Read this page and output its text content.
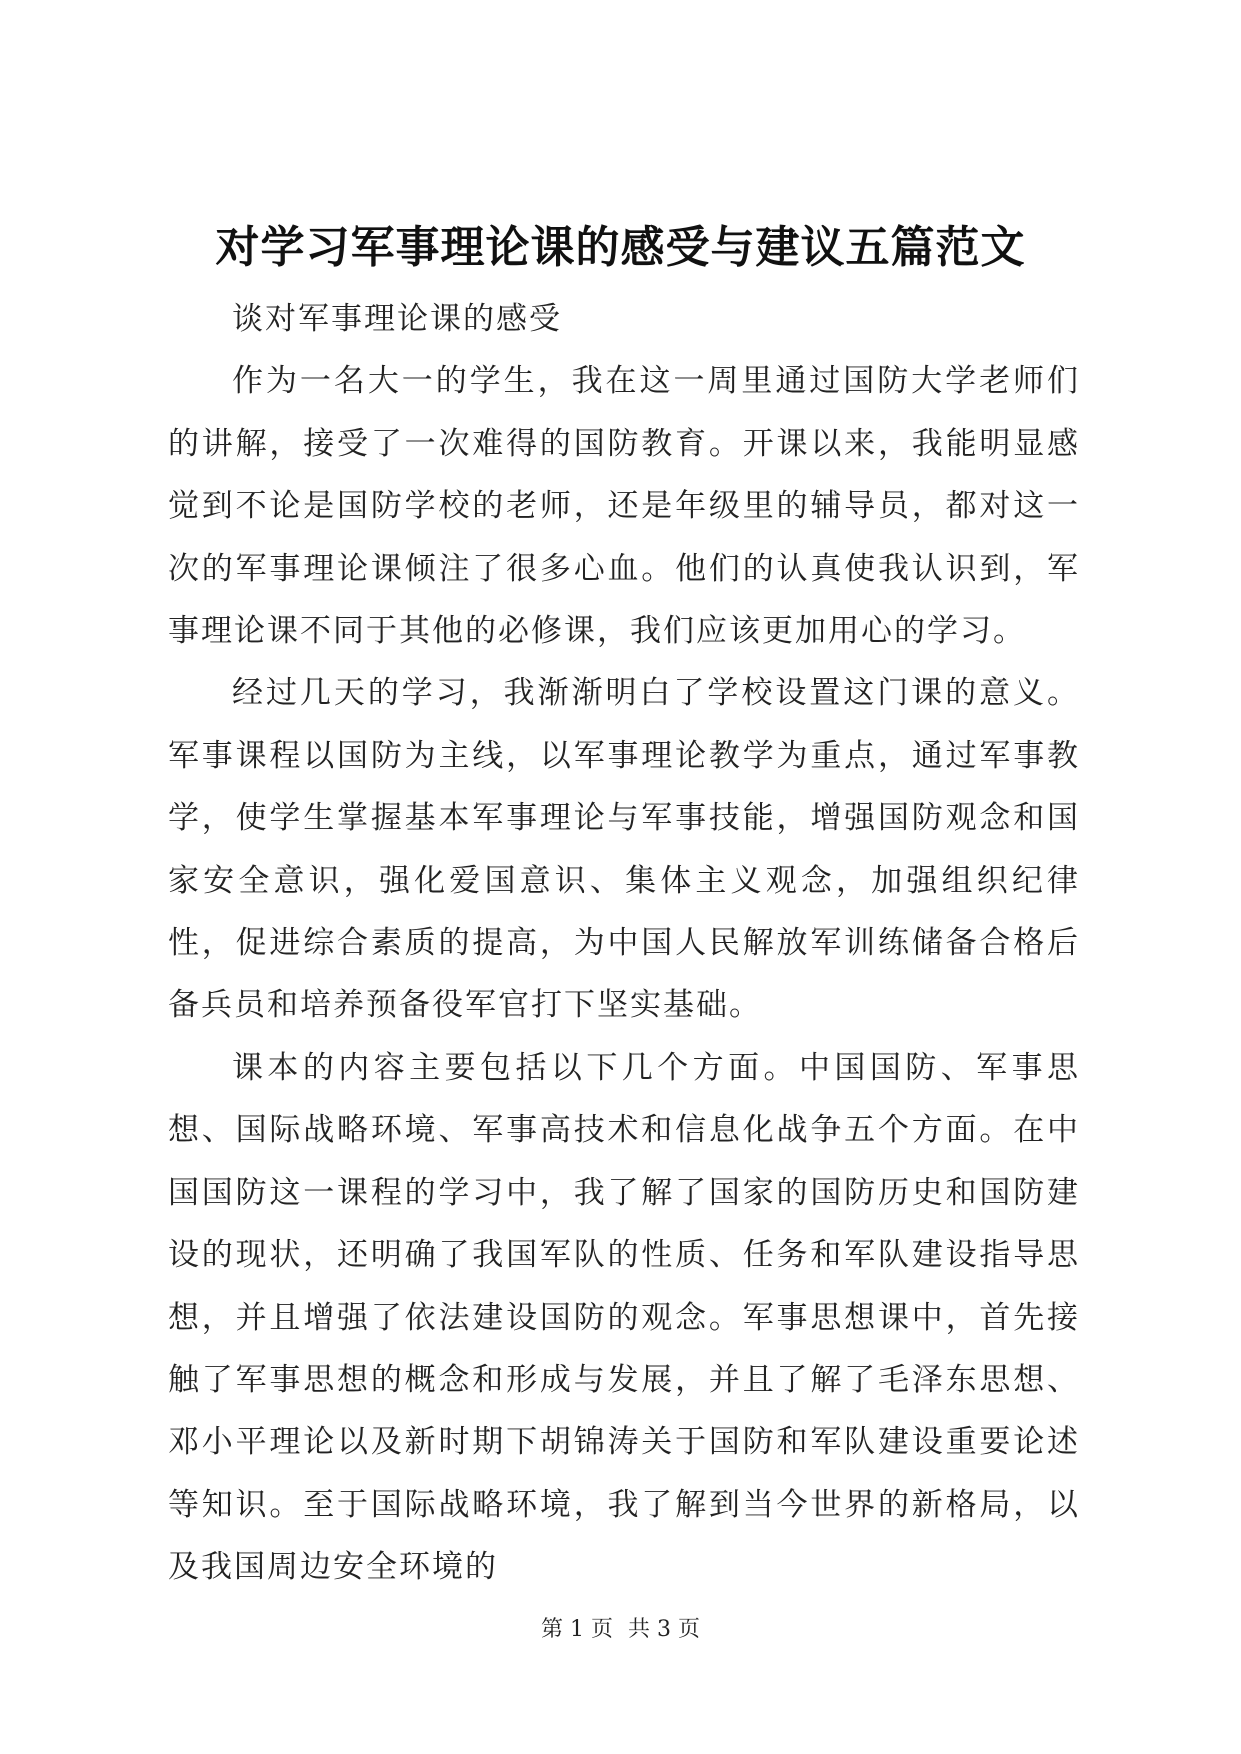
对学习军事理论课的感受与建议五篇范文

谈对军事理论课的感受

作为一名大一的学生，我在这一周里通过国防大学老师们的讲解，接受了一次难得的国防教育。开课以来，我能明显感觉到不论是国防学校的老师，还是年级里的辅导员，都对这一次的军事理论课倾注了很多心血。他们的认真使我认识到，军事理论课不同于其他的必修课，我们应该更加用心的学习。

经过几天的学习，我渐渐明白了学校设置这门课的意义。军事课程以国防为主线，以军事理论教学为重点，通过军事教学，使学生掌握基本军事理论与军事技能，增强国防观念和国家安全意识，强化爱国意识、集体主义观念，加强组织纪律性，促进综合素质的提高，为中国人民解放军训练储备合格后备兵员和培养预备役军官打下坚实基础。

课本的内容主要包括以下几个方面。中国国防、军事思想、国际战略环境、军事高技术和信息化战争五个方面。在中国国防这一课程的学习中，我了解了国家的国防历史和国防建设的现状，还明确了我国军队的性质、任务和军队建设指导思想，并且增强了依法建设国防的观念。军事思想课中，首先接触了军事思想的概念和形成与发展，并且了解了毛泽东思想、邓小平理论以及新时期下胡锦涛关于国防和军队建设重要论述等知识。至于国际战略环境，我了解到当今世界的新格局，以及我国周边安全环境的

第 1 页 共 3 页
